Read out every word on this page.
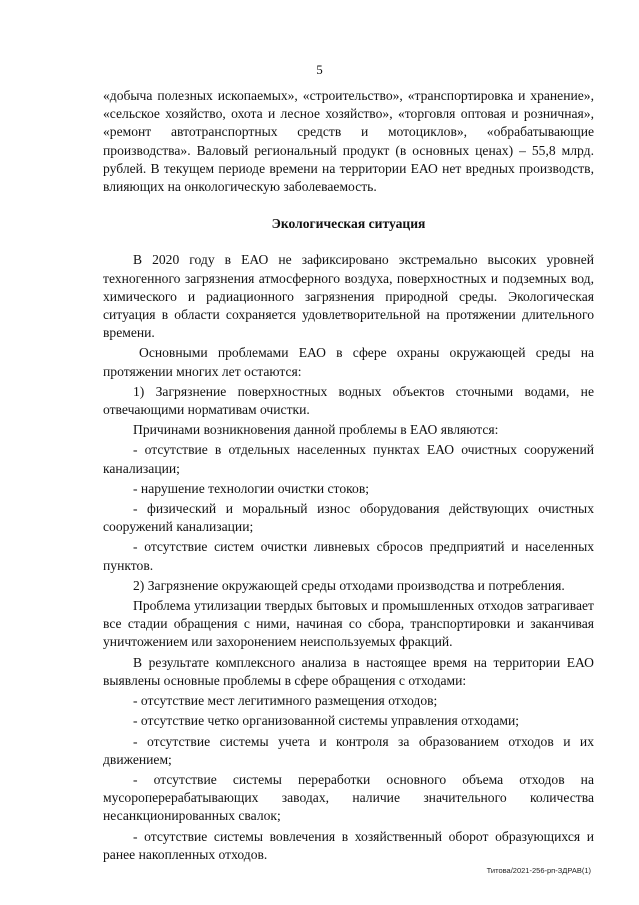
5

«добыча полезных ископаемых», «строительство», «транспортировка и хранение», «сельское хозяйство, охота и лесное хозяйство», «торговля оптовая и розничная», «ремонт автотранспортных средств и мотоциклов», «обрабатывающие производства». Валовый региональный продукт (в основных ценах) – 55,8 млрд. рублей. В текущем периоде времени на территории ЕАО нет вредных производств, влияющих на онкологическую заболеваемость.

Экологическая ситуация

В 2020 году в ЕАО не зафиксировано экстремально высоких уровней техногенного загрязнения атмосферного воздуха, поверхностных и подземных вод, химического и радиационного загрязнения природной среды. Экологическая ситуация в области сохраняется удовлетворительной на протяжении длительного времени.

Основными проблемами ЕАО в сфере охраны окружающей среды на протяжении многих лет остаются:

1) Загрязнение поверхностных водных объектов сточными водами, не отвечающими нормативам очистки.

Причинами возникновения данной проблемы в ЕАО являются:

- отсутствие в отдельных населенных пунктах ЕАО очистных сооружений канализации;

- нарушение технологии очистки стоков;

- физический и моральный износ оборудования действующих очистных сооружений канализации;

- отсутствие систем очистки ливневых сбросов предприятий и населенных пунктов.

2) Загрязнение окружающей среды отходами производства и потребления.

Проблема утилизации твердых бытовых и промышленных отходов затрагивает все стадии обращения с ними, начиная со сбора, транспортировки и заканчивая уничтожением или захоронением неиспользуемых фракций.

В результате комплексного анализа в настоящее время на территории ЕАО выявлены основные проблемы в сфере обращения с отходами:

- отсутствие мест легитимного размещения отходов;

- отсутствие четко организованной системы управления отходами;

- отсутствие системы учета и контроля за образованием отходов и их движением;

- отсутствие системы переработки основного объема отходов на мусороперерабатывающих заводах, наличие значительного количества несанкционированных свалок;

- отсутствие системы вовлечения в хозяйственный оборот образующихся и ранее накопленных отходов.

Титова/2021-256-рп-ЗДРАВ(1)
